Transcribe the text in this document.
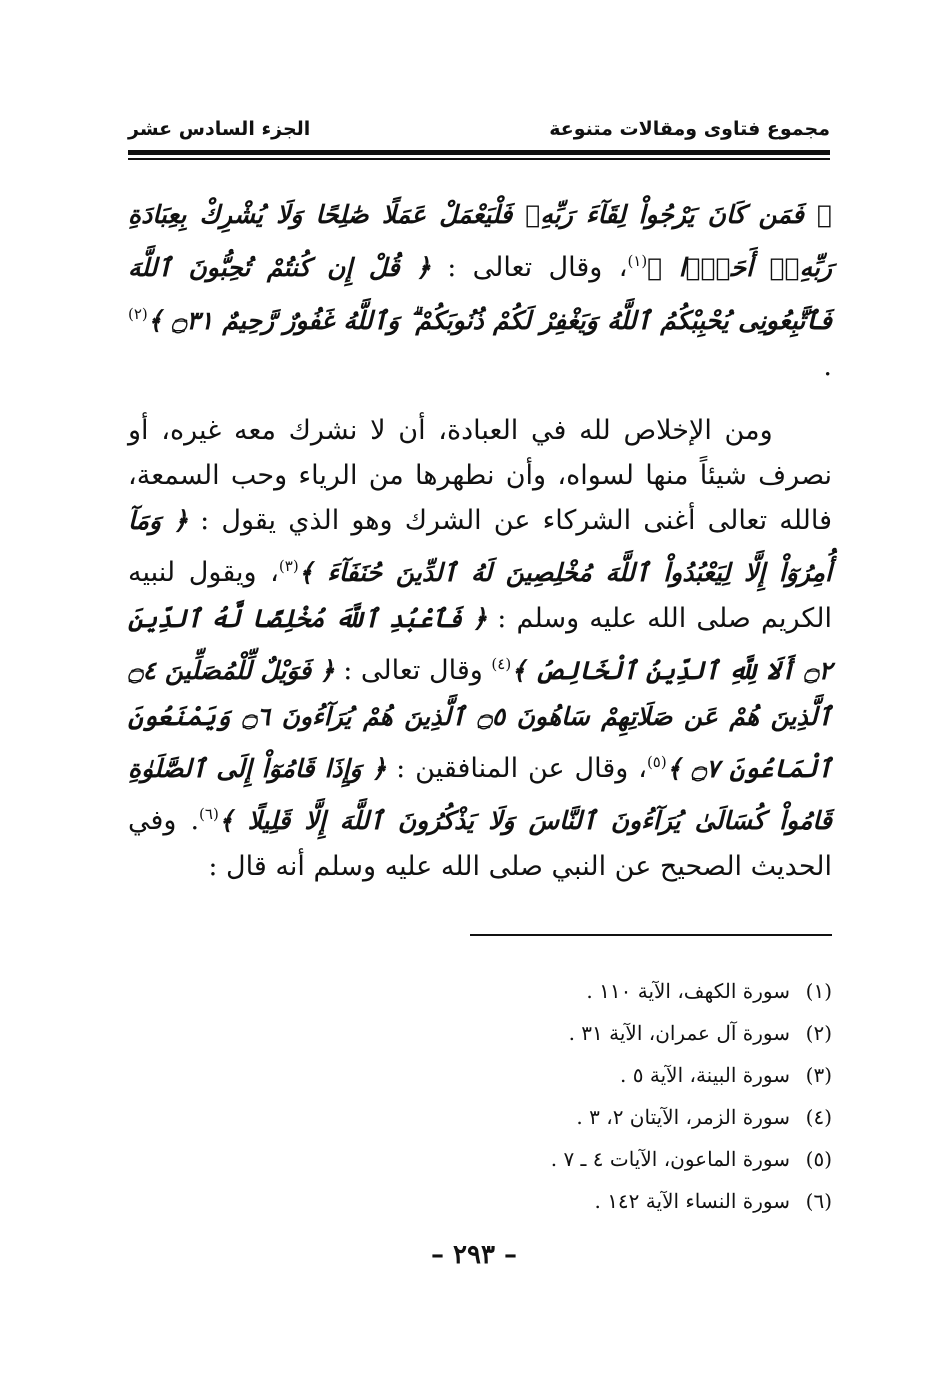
مجموع فتاوى ومقالات متنوعة
الجزء السادس عشر

﴿ فَمَن كَانَ يَرْجُواْ لِقَآءَ رَبِّهِۦ فَلْيَعْمَلْ عَمَلًا صَٰلِحًا وَلَا يُشْرِكْ بِعِبَادَةِ رَبِّهِۦٓ أَحَدًۢا ﴾$^{(١)}$، وقال تعالى : ﴿ قُلْ إِن كُنتُمْ تُحِبُّونَ ٱللَّهَ فَٱتَّبِعُونِى يُحْبِبْكُمُ ٱللَّهُ وَيَغْفِرْ لَكُمْ ذُنُوبَكُمْ ۗ وَٱللَّهُ غَفُورٌ رَّحِيمٌ ۝٣١ ﴾$^{(٢)}$ .

ومن الإخلاص لله في العبادة، أن لا نشرك معه غيره، أو نصرف شيئاً منها لسواه، وأن نطهرها من الرياء وحب السمعة، فالله تعالى أغنى الشركاء عن الشرك وهو الذي يقول : ﴿ وَمَآ أُمِرُوٓاْ إِلَّا لِيَعْبُدُواْ ٱللَّهَ مُخْلِصِينَ لَهُ ٱلدِّينَ حُنَفَآءَ ﴾$^{(٣)}$، ويقول لنبيه الكريم صلى الله عليه وسلم : ﴿ فَٱعْبُدِ ٱللَّهَ مُخْلِصًا لَّهُ ٱلدِّينَ ۝٢ أَلَا لِلَّهِ ٱلدِّينُ ٱلْخَالِصُ ﴾$^{(٤)}$ وقال تعالى : ﴿ فَوَيْلٌ لِّلْمُصَلِّينَ ۝٤ ٱلَّذِينَ هُمْ عَن صَلَاتِهِمْ سَاهُونَ ۝٥ ٱلَّذِينَ هُمْ يُرَآءُونَ ۝٦ وَيَمْنَعُونَ ٱلْمَاعُونَ ۝٧ ﴾$^{(٥)}$، وقال عن المنافقين : ﴿ وَإِذَا قَامُوٓاْ إِلَى ٱلصَّلَوٰةِ قَامُواْ كُسَالَىٰ يُرَآءُونَ ٱلنَّاسَ وَلَا يَذْكُرُونَ ٱللَّهَ إِلَّا قَلِيلًا ﴾$^{(٦)}$. وفي الحديث الصحيح عن النبي صلى الله عليه وسلم أنه قال :

(١)
سورة الكهف، الآية ١١٠ .
(٢)
سورة آل عمران، الآية ٣١ .
(٣)
سورة البينة، الآية ٥ .
(٤)
سورة الزمر، الآيتان ٢، ٣ .
(٥)
سورة الماعون، الآيات ٤ ـ ٧ .
(٦)
سورة النساء الآية ١٤٢ .
– ٢٩٣ –
